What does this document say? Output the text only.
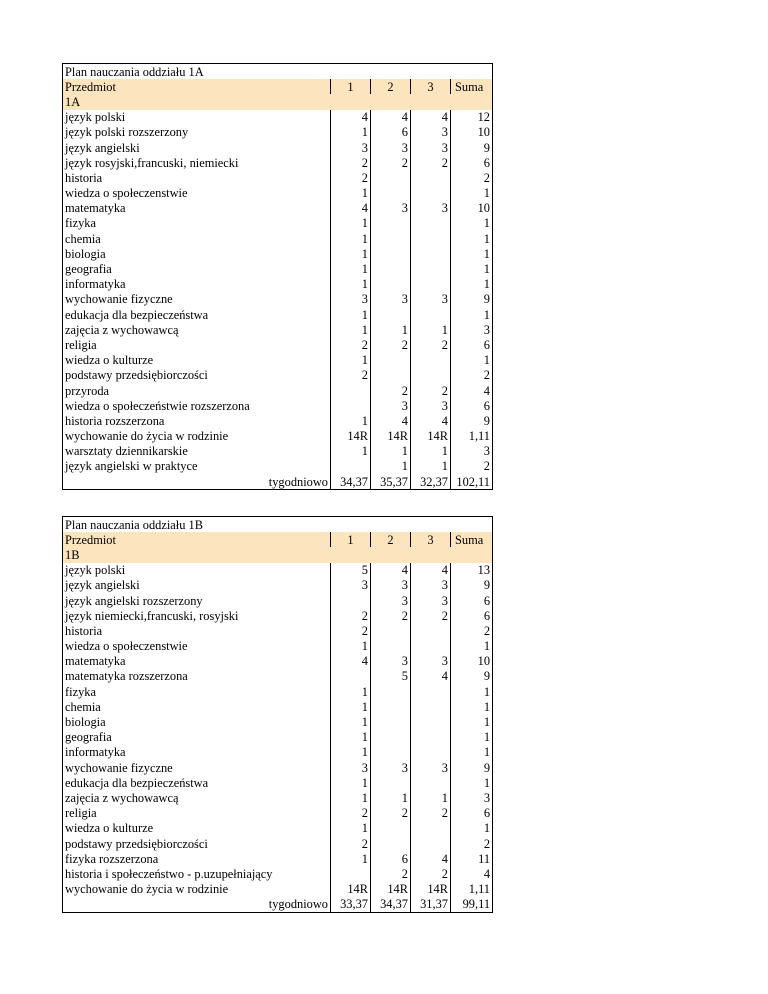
Plan nauczania oddziału 1A				
Przedmiot	1	2	3	Suma
1A				
język polski	4	4	4	12
język polski rozszerzony	1	6	3	10
język angielski	3	3	3	9
język rosyjski,francuski, niemiecki	2	2	2	6
historia	2			2
wiedza o społeczenstwie	1			1
matematyka	4	3	3	10
fizyka	1			1
chemia	1			1
biologia	1			1
geografia	1			1
informatyka	1			1
wychowanie fizyczne	3	3	3	9
edukacja dla bezpieczeństwa	1			1
zajęcia z wychowawcą	1	1	1	3
religia	2	2	2	6
wiedza o kulturze	1			1
podstawy przedsiębiorczości	2			2
przyroda		2	2	4
wiedza o społeczeństwie rozszerzona		3	3	6
historia rozszerzona	1	4	4	9
wychowanie do życia w rodzinie	14R	14R	14R	1,11
warsztaty dziennikarskie	1	1	1	3
język angielski w praktyce		1	1	2
tygodniowo	34,37	35,37	32,37	102,11
Plan nauczania oddziału 1B				
Przedmiot	1	2	3	Suma
1B				
język polski	5	4	4	13
język angielski	3	3	3	9
język angielski rozszerzony		3	3	6
język niemiecki,francuski, rosyjski	2	2	2	6
historia	2			2
wiedza o społeczenstwie	1			1
matematyka	4	3	3	10
matematyka rozszerzona		5	4	9
fizyka	1			1
chemia	1			1
biologia	1			1
geografia	1			1
informatyka	1			1
wychowanie fizyczne	3	3	3	9
edukacja dla bezpieczeństwa	1			1
zajęcia z wychowawcą	1	1	1	3
religia	2	2	2	6
wiedza o kulturze	1			1
podstawy przedsiębiorczości	2			2
fizyka rozszerzona	1	6	4	11
historia i społeczeństwo - p.uzupełniający		2	2	4
wychowanie do życia w rodzinie	14R	14R	14R	1,11
tygodniowo	33,37	34,37	31,37	99,11
